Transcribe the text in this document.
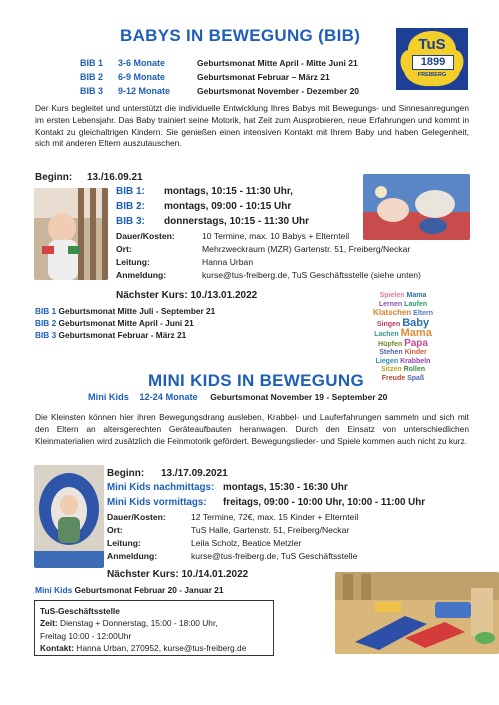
BABYS IN BEWEGUNG (BIB)	TuS
1899
FREIBERG
BIB 1 3-6 Monate	Geburtsmonat Mitte April - Mitte Juni 21
BIB 2 6-9 Monate	Geburtsmonat Februar – März 21
BIB 3 9-12 Monate	Geburtsmonat November - Dezember 20
Der Kurs begleitet und unterstützt die individuelle Entwicklung Ihres Babys mit Bewegungs- und Sinnesanregungen im ersten Lebensjahr. Das Baby trainiert seine Motorik, hat Zeit zum Ausprobieren, neue Erfahrungen und kommt in Kontakt zu gleichaltrigen Kindern. Sie genießen einen intensiven Kontakt mit Ihrem Baby und haben Gelegenheit, sich mit anderen Eltern auszutauschen.
Beginn: 13./16.09.21
BIB 1: montags, 10:15 - 11:30 Uhr,
BIB 2: montags, 09:00 - 10:15 Uhr
BIB 3: donnerstags, 10:15 - 11:30 Uhr
Dauer/Kosten:	10 Termine, max. 10 Babys + Elternteil
Ort:	Mehrzweckraum (MZR) Gartenstr. 51, Freiberg/Neckar
Leitung:	Hanna Urban
Anmeldung:	kurse@tus-freiberg.de, TuS Geschäftsstelle (siehe unten)
Nächster Kurs: 10./13.01.2022
BIB 1 Geburtsmonat Mitte Juli - September 21
BIB 2 Geburtsmonat Mitte April - Juni 21
BIB 3 Geburtsmonat Februar - März 21
Spielen Mama
Lernen Laufen
Klatschen Eltern
Singen Baby
Lachen Mama
Hüpfen Papa
Stehen Kinder
Liegen Krabbeln
Sitzen Rollen
Freude Spaß
MINI KIDS IN BEWEGUNG
Mini Kids 12-24 Monate Geburtsmonat November 19 - September 20
Die Kleinsten können hier ihren Bewegungsdrang ausleben, Krabbel- und Lauferfahrungen sammeln und sich mit den Eltern an altersgerechten Geräteaufbauten heranwagen. Durch den Einsatz von unterschiedlichen Kleinmaterialien wird zusätzlich die Feinmotorik gefördert. Bewegungslieder- und Spiele kommen auch nicht zu kurz.
Beginn: 13./17.09.2021
Mini Kids nachmittags: montags, 15:30 - 16:30 Uhr
Mini Kids vormittags: freitags, 09:00 - 10:00 Uhr, 10:00 - 11:00 Uhr
Dauer/Kosten:	12 Termine, 72€, max. 15 Kinder + Elternteil
Ort:	TuS Halle, Gartenstr. 51, Freiberg/Neckar
Leitung:	Leila Scholz, Beatice Metzler
Anmeldung:	kurse@tus-freiberg.de, TuS Geschäftsstelle
Nächster Kurs: 10./14.01.2022
Mini Kids Geburtsmonat Februar 20 - Januar 21
TuS-Geschäftsstelle
Zeit: Dienstag + Donnerstag, 15:00 - 18:00 Uhr,
Freitag 10:00 - 12:00Uhr
Kontakt: Hanna Urban, 270952, kurse@tus-freiberg.de
